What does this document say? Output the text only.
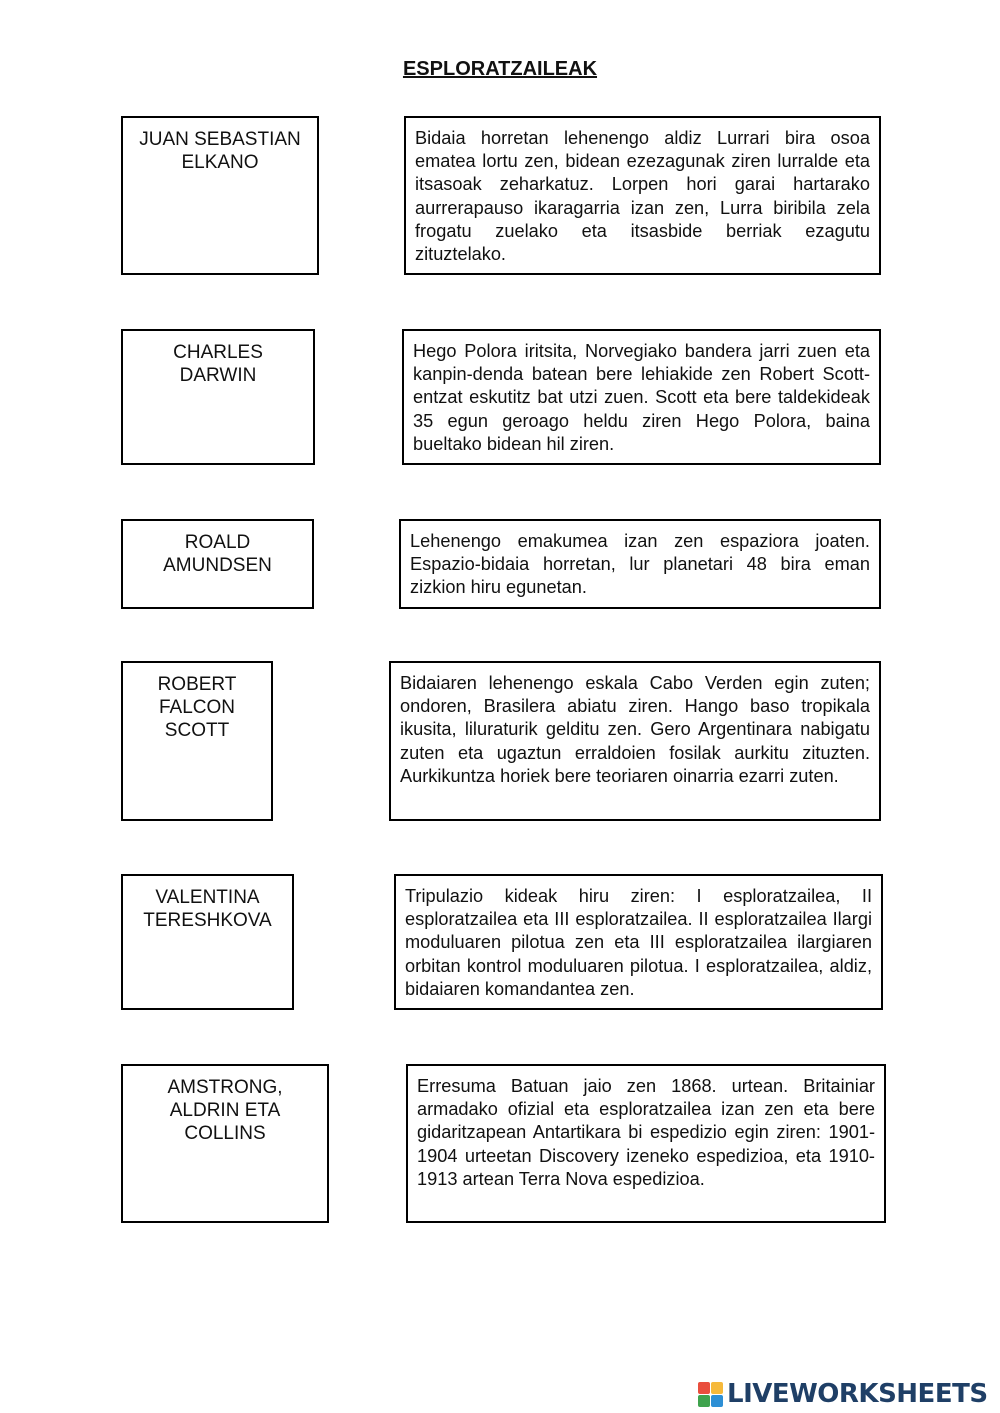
ESPLORATZAILEAK
JUAN SEBASTIAN
ELKANO
Bidaia horretan lehenengo aldiz Lurrari bira osoa ematea lortu zen, bidean ezezagunak ziren lurralde eta itsasoak zeharkatuz. Lorpen hori garai hartarako aurrerapauso ikaragarria izan zen, Lurra biribila zela frogatu zuelako eta itsasbide berriak ezagutu zituztelako.
CHARLES
DARWIN
Hego Polora iritsita, Norvegiako bandera jarri zuen eta kanpin-denda batean bere lehiakide zen Robert Scott-entzat eskutitz bat utzi zuen. Scott eta bere taldekideak 35 egun geroago heldu ziren Hego Polora, baina bueltako bidean hil ziren.
ROALD
AMUNDSEN
Lehenengo emakumea izan zen espaziora joaten. Espazio-bidaia horretan, lur planetari 48 bira eman zizkion hiru egunetan.
ROBERT
FALCON
SCOTT
Bidaiaren lehenengo eskala Cabo Verden egin zuten; ondoren, Brasilera abiatu ziren. Hango baso tropikala ikusita, liluraturik gelditu zen. Gero Argentinara nabigatu zuten eta ugaztun erraldoien fosilak aurkitu zituzten. Aurkikuntza horiek bere teoriaren oinarria ezarri zuten.
VALENTINA
TERESHKOVA
Tripulazio kideak hiru ziren: I esploratzailea, II esploratzailea eta III esploratzailea. II esploratzailea Ilargi moduluaren pilotua zen eta III esploratzailea ilargiaren orbitan kontrol moduluaren pilotua. I esploratzailea, aldiz, bidaiaren komandantea zen.
AMSTRONG,
ALDRIN ETA
COLLINS
Erresuma Batuan jaio zen 1868. urtean. Britainiar armadako ofizial eta esploratzailea izan zen eta bere gidaritzapean Antartikara bi espedizio egin ziren: 1901-1904 urteetan Discovery izeneko espedizioa, eta 1910-1913 artean Terra Nova espedizioa.
LIVEWORKSHEETS
